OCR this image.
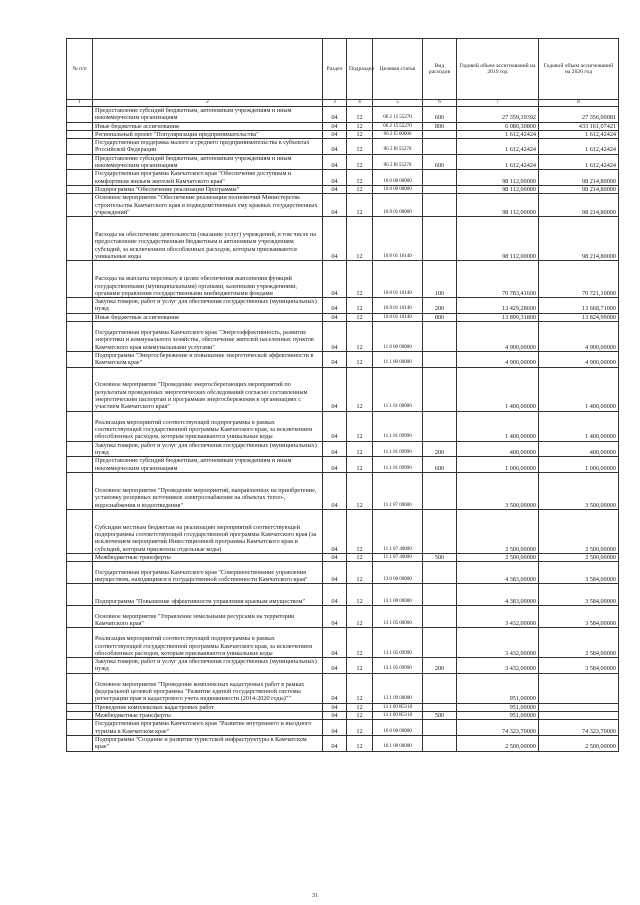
№ п/п		Раздел	Подраздел	Целевая статья	Вид расходов	Годовой объем ассигнований на 2019 год	Годовой объем ассигнований на 2020 год
1	2	3	4	5	6	7	8
	Предоставление субсидий бюджетным, автономным учреждениям и иным некоммерческим организациям	04	12	06 2 15 55270	600	27 359,19392	27 356,00081
	Иные бюджетные ассигнования	04	12	06 2 15 55270	800	6 080,30800	433 161,07421
	Региональный проект "Популяризация предпринимательства"	04	12	06 2 I5 00000		1 612,42424	1 612,42424
	Государственная поддержка малого и среднего предпринимательства в субъектах Российской Федерации	04	12	06 2 I8 55270		1 612,42424	1 612,42424
	Предоставление субсидий бюджетным, автономным учреждениям и иным некоммерческим организациям	04	12	06 2 I8 55270	600	1 612,42424	1 612,42424
	Государственная программа Камчатского края "Обеспечение доступным и комфортным жильем жителей Камчатского края"	04	12	10 0 00 00000		98 112,00000	98 214,80000
	Подпрограмма "Обеспечение реализации Программы"	04	12	10 8 00 00000		98 112,00000	98 214,80000
	Основное мероприятие "Обеспечение реализации полномочий Министерства строительства Камчатского края в подведомственных ему краевых государственных учреждений"	04	12	10 8 01 00000		98 112,00000	98 214,80000
	Расходы на обеспечение деятельности (оказание услуг) учреждений, в том числе на предоставление государственным бюджетным и автономным учреждениям субсидий, за исключением обособленных расходов, которым присваиваются уникальные коды	04	12	10 8 01 10140		98 112,00000	98 214,80000
	Расходы на выплаты персоналу в целях обеспечения выполнения функций государственными (муниципальными) органами, казенными учреждениями, органами управления государственными внебюджетными фондами	04	12	10 8 01 10140	100	70 783,41600	70 721,10000
	Закупка товаров, работ и услуг для обеспечения государственных (муниципальных) нужд	04	12	10 8 01 10140	200	13 429,28600	13 668,71000
	Иные бюджетные ассигнования	04	12	10 8 01 10140	800	13 899,31800	13 824,99000
	Государственная программа Камчатского края "Энергоэффективность, развитие энергетики и коммунального хозяйства, обеспечение жителей населенных пунктов Камчатского края коммунальными услугами"	04	12	11 0 00 00000		4 900,00000	4 900,00000
	Подпрограмма "Энергосбережение и повышение энергетической эффективности в Камчатском крае"	04	12	11 1 00 00000		4 900,00000	4 900,00000
	Основное мероприятие "Проведение энергосберегающих мероприятий по результатам проведенных энергетических обследований согласно составленным энергетическим паспортам и программам энергосбережения в организациях с участием Камчатского края"	04	12	11 1 01 00000		1 400,00000	1 400,00000
	Реализация мероприятий соответствующей подпрограммы в рамках соответствующей государственной программы Камчатского края, за исключением обособленных расходов, которым присваиваются уникальные коды	04	12	11 1 01 09990		1 400,00000	1 400,00000
	Закупка товаров, работ и услуг для обеспечения государственных (муниципальных) нужд	04	12	11 1 01 09990	200	400,00000	400,00000
	Предоставление субсидий бюджетным, автономным учреждениям и иным некоммерческим организациям	04	12	11 1 01 09990	600	1 000,00000	1 000,00000
	Основное мероприятие "Проведение мероприятий, направленных на приобретение, установку резервных источников электроснабжения на объектах тепло-, водоснабжения и водоотведения"	04	12	11 1 07 00000		3 500,00000	3 500,00000
	Субсидии местным бюджетам на реализацию мероприятий соответствующей подпрограммы соответствующей государственной программы Камчатского края (за исключением мероприятий Инвестиционной программы Камчатского края и субсидий, которым присвоены отдельные коды)	04	12	11 1 07 40000		3 500,00000	3 500,00000
	Межбюджетные трансферты	04	12	11 1 07 40000	500	3 500,00000	3 500,00000
	Государственная программа Камчатского края "Совершенствование управления имуществом, находящимся в государственной собственности Камчатского края"	04	12	13 0 00 00000		4 383,00000	3 584,00000
	Подпрограмма "Повышение эффективности управления краевым имуществом"	04	12	13 1 00 00000		4 383,00000	3 584,00000
	Основное мероприятие "Управление земельными ресурсами на территории Камчатского края"	04	12	13 1 05 00000		3 432,00000	3 584,00000
	Реализация мероприятий соответствующей подпрограммы в рамках соответствующей государственной программы Камчатского края, за исключением обособленных расходов, которым присваиваются уникальные коды	04	12	13 1 05 09990		3 432,00000	3 584,00000
	Закупка товаров, работ и услуг для обеспечения государственных (муниципальных) нужд	04	12	13 1 05 09990	200	3 432,00000	3 584,00000
	Основное мероприятие "Проведение комплексных кадастровых работ в рамках федеральной целевой программы "Развитие единой государственной системы регистрации прав и кадастрового учета недвижимости (2014-2020 годы)""	04	12	13 1 09 00000		951,00000	
	Проведение комплексных кадастровых работ	04	12	13 1 09 R5110		951,00000	
	Межбюджетные трансферты	04	12	13 1 09 R5110	500	951,00000	
	Государственная программа Камчатского края "Развитие внутреннего и въездного туризма в Камчатском крае"	04	12	16 0 00 00000		74 323,70000	74 323,70000
	Подпрограмма "Создание и развитие туристской инфраструктуры в Камчатском крае"	04	12	16 1 00 00000		2 500,00000	2 500,00000
31
